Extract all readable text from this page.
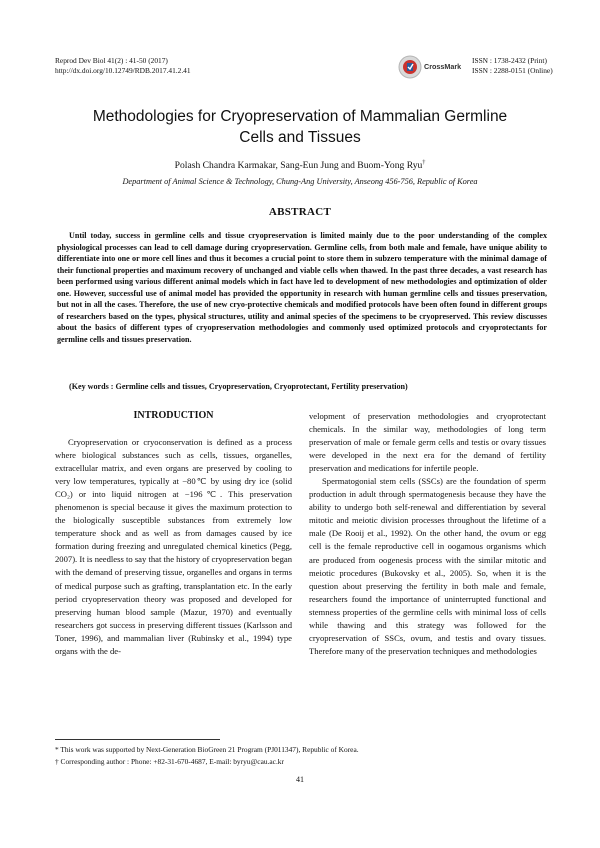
Reprod Dev Biol 41(2) : 41-50 (2017)
http://dx.doi.org/10.12749/RDB.2017.41.2.41	CrossMark
ISSN : 1738-2432 (Print)
ISSN : 2288-0151 (Online)
Methodologies for Cryopreservation of Mammalian Germline
Cells and Tissues
Polash Chandra Karmakar, Sang-Eun Jung and Buom-Yong Ryu†
Department of Animal Science & Technology, Chung-Ang University, Anseong 456-756, Republic of Korea
ABSTRACT
Until today, success in germline cells and tissue cryopreservation is limited mainly due to the poor understanding of the complex physiological processes can lead to cell damage during cryopreservation. Germline cells, from both male and female, have unique ability to differentiate into one or more cell lines and thus it becomes a crucial point to store them in subzero temperature with the minimal damage of their functional properties and maximum recovery of unchanged and viable cells when thawed. In the past three decades, a vast research has been performed using various different animal models which in fact have led to development of new methodologies and optimization of older one. However, successful use of animal model has provided the opportunity in research with human germline cells and tissues preservation, but not in all the cases. Therefore, the use of new cryo-protective chemicals and modified protocols have been often found in different groups of researchers based on the types, physical structures, utility and animal species of the specimens to be cryopreserved. This review discusses about the basics of different types of cryopreservation methodologies and commonly used optimized protocols and cryoprotectants for germline cells and tissues preservation.
(Key words : Germline cells and tissues, Cryopreservation, Cryoprotectant, Fertility preservation)
INTRODUCTION

Cryopreservation or cryoconservation is defined as a process where biological substances such as cells, tissues, organelles, extracellular matrix, and even organs are preserved by cooling to very low temperatures, typically at −80℃ by using dry ice (solid CO₂) or into liquid nitrogen at −196℃. This preservation phenomenon is special because it gives the maximum protection to the biologically susceptible substances from extremely low temperature shock and as well as from damages caused by ice formation during freezing and unregulated chemical kinetics (Pegg, 2007). It is needless to say that the history of cryopreservation began with the demand of preserving tissue, organelles and organs in terms of medical purpose such as grafting, transplantation etc. In the early period cryopreservation theory was proposed and developed for preserving human blood sample (Mazur, 1970) and eventually researchers got success in preserving different tissues (Karlsson and Toner, 1996), and mammalian liver (Rubinsky et al., 1994) type organs with the de-

velopment of preservation methodologies and cryoprotectant chemicals. In the similar way, methodologies of long term preservation of male or female germ cells and testis or ovary tissues were developed in the next era for the demand of fertility preservation and medications for infertile people.

Spermatogonial stem cells (SSCs) are the foundation of sperm production in adult through spermatogenesis because they have the ability to undergo both self-renewal and differentiation by several mitotic and meiotic division processes throughout the lifetime of a male (De Rooij et al., 1992). On the other hand, the ovum or egg cell is the female reproductive cell in oogamous organisms which are produced from oogenesis process with the similar mitotic and meiotic procedures (Bukovsky et al., 2005). So, when it is the question about preserving the fertility in both male and female, researchers found the importance of uninterrupted functional and stemness properties of the germline cells with minimal loss of cells while thawing and this strategy was followed for the cryopreservation of SSCs, ovum, and testis and ovary tissues. Therefore many of the preservation techniques and methodologies

* This work was supported by Next-Generation BioGreen 21 Program (PJ011347), Republic of Korea.
† Corresponding author : Phone: +82-31-670-4687, E-mail: byryu@cau.ac.kr
41
